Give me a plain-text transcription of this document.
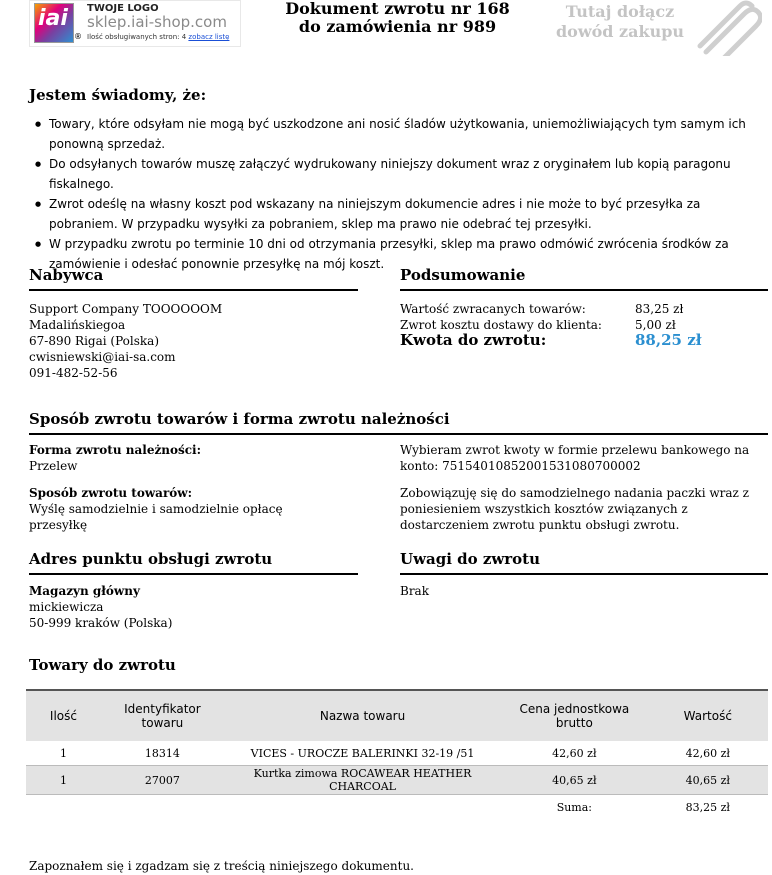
iai
®
TWOJE LOGO
sklep.iai-shop.com
Ilość obsługiwanych stron: 4 zobacz listę
Dokument zwrotu nr 168
do zamówienia nr 989
Tutaj dołącz
dowód zakupu
Jestem świadomy, że:
● Towary, które odsyłam nie mogą być uszkodzone ani nosić śladów użytkowania, uniemożliwiających tym samym ich ponowną sprzedaż.
● Do odsyłanych towarów muszę załączyć wydrukowany niniejszy dokument wraz z oryginałem lub kopią paragonu fiskalnego.
● Zwrot odeślę na własny koszt pod wskazany na niniejszym dokumencie adres i nie może to być przesyłka za pobraniem. W przypadku wysyłki za pobraniem, sklep ma prawo nie odebrać tej przesyłki.
● W przypadku zwrotu po terminie 10 dni od otrzymania przesyłki, sklep ma prawo odmówić zwrócenia środków za zamówienie i odesłać ponownie przesyłkę na mój koszt.
Nabywca
Support Company TOOOOOOM
Madalińskiegoa
67-890 Rigai (Polska)
cwisniewski@iai-sa.com
091-482-52-56
Podsumowanie
Wartość zwracanych towarów:	83,25 zł
Zwrot kosztu dostawy do klienta:	5,00 zł
Kwota do zwrotu:	88,25 zł
Sposób zwrotu towarów i forma zwrotu należności
Forma zwrotu należności:
Przelew
Sposób zwrotu towarów:
Wyślę samodzielnie i samodzielnie opłacę przesyłkę
Wybieram zwrot kwoty w formie przelewu bankowego na konto: 75154010852001531080700002
Zobowiązuję się do samodzielnego nadania paczki wraz z poniesieniem wszystkich kosztów związanych z dostarczeniem zwrotu punktu obsługi zwrotu.
Adres punktu obsługi zwrotu
Magazyn główny
mickiewicza
50-999 kraków (Polska)
Uwagi do zwrotu
Brak
Towary do zwrotu
Ilość	Identyfikator towaru	Nazwa towaru	Cena jednostkowa brutto	Wartość
1	18314	VICES - UROCZE BALERINKI 32-19 /51	42,60 zł	42,60 zł
1	27007	Kurtka zimowa ROCAWEAR HEATHER CHARCOAL	40,65 zł	40,65 zł
			Suma:	83,25 zł
Zapoznałem się i zgadzam się z treścią niniejszego dokumentu.
